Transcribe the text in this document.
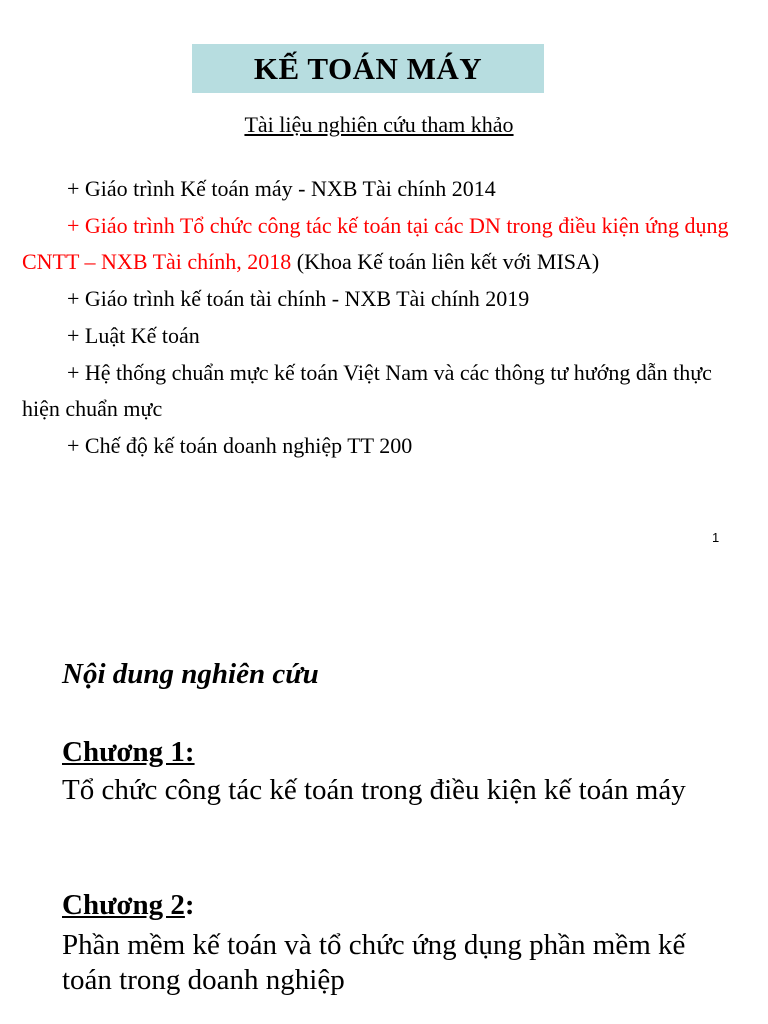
KẾ TOÁN MÁY
Tài liệu nghiên cứu tham khảo

+ Giáo trình Kế toán máy - NXB Tài chính 2014

+ Giáo trình Tổ chức công tác kế toán tại các DN trong điều kiện ứng dụng CNTT – NXB Tài chính, 2018 (Khoa Kế toán liên kết với MISA)

+ Giáo trình kế toán tài chính - NXB Tài chính 2019

+ Luật Kế toán

+ Hệ thống chuẩn mực kế toán Việt Nam và các thông tư hướng dẫn thực hiện chuẩn mực

+ Chế độ kế toán doanh nghiệp TT 200

1
Nội dung nghiên cứu
Chương 1:
Tổ chức công tác kế toán trong điều kiện kế toán máy
Chương 2:
Phần mềm kế toán và tổ chức ứng dụng phần mềm kế toán trong doanh nghiệp
